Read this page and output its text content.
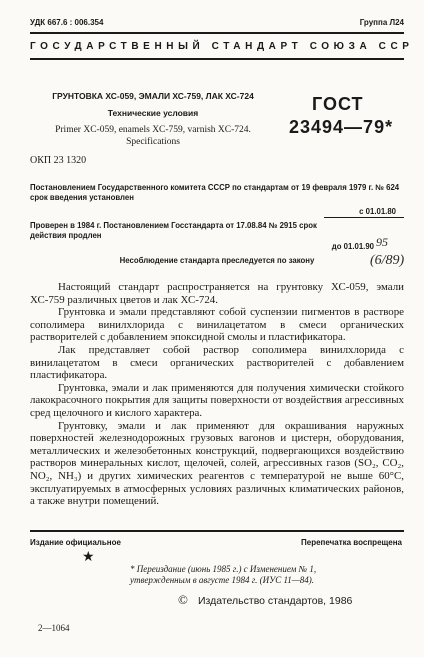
УДК 667.6 : 006.354	Группа Л24
ГОСУДАРСТВЕННЫЙ СТАНДАРТ СОЮЗА ССР
ГРУНТОВКА ХС-059, ЭМАЛИ ХС-759, ЛАК ХС-724
Технические условия
Primer XC-059, enamels XC-759, varnish XC-724.
Specifications
ГОСТ
23494—79*
ОКП 23 1320
Постановлением Государственного комитета СССР по стандартам от 19 февраля 1979 г. № 624 срок введения установлен
с 01.01.80
Проверен в 1984 г. Постановлением Госстандарта от 17.08.84 № 2915 срок действия продлен
до 01.01.90 95
(6/89)
Несоблюдение стандарта преследуется по закону

Настоящий стандарт распространяется на грунтовку ХС-059, эмали ХС-759 различных цветов и лак ХС-724.

Грунтовка и эмали представляют собой суспензии пигментов в растворе сополимера винилхлорида с винилацетатом в смеси органических растворителей с добавлением эпоксидной смолы и пластификатора.

Лак представляет собой раствор сополимера винилхлорида с винилацетатом в смеси органических растворителей с добавлением пластификатора.

Грунтовка, эмали и лак применяются для получения химически стойкого лакокрасочного покрытия для защиты поверхности от воздействия агрессивных сред щелочного и кислого характера.

Грунтовку, эмали и лак применяют для окрашивания наружных поверхностей железнодорожных грузовых вагонов и цистерн, оборудования, металлических и железобетонных конструкций, подвергающихся воздействию растворов минеральных кислот, щелочей, солей, агрессивных газов (SO₂, CO₂, NO₂, NH₃) и других химических реагентов с температурой не выше 60°С, эксплуатируемых в атмосферных условиях различных климатических районов, а также внутри помещений.

Издание официальное	Перепечатка воспрещена
★
* Переиздание (июнь 1985 г.) с Изменением № 1,
утвержденным в августе 1984 г. (ИУС 11—84).
© Издательство стандартов, 1986
2—1064
